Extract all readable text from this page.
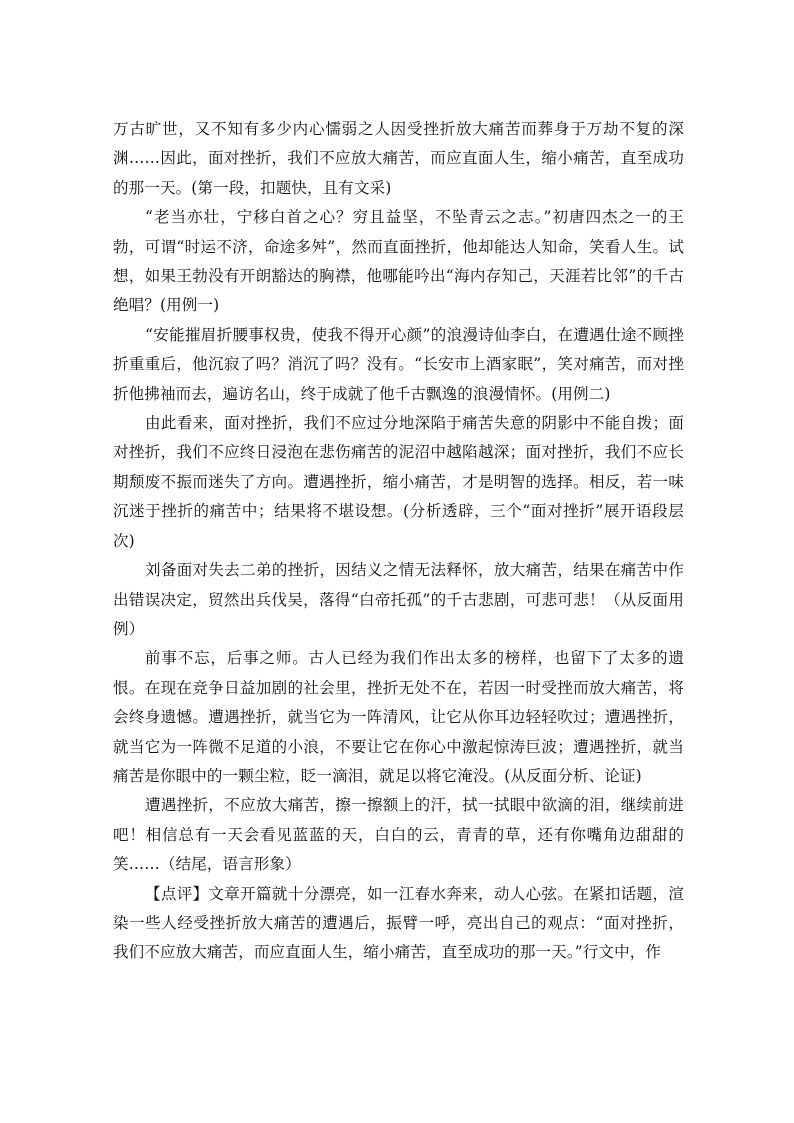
万古旷世，又不知有多少内心懦弱之人因受挫折放大痛苦而葬身于万劫不复的深渊……因此，面对挫折，我们不应放大痛苦，而应直面人生，缩小痛苦，直至成功的那一天。(第一段，扣题快，且有文采)

“老当亦壮，宁移白首之心？穷且益坚，不坠青云之志。”初唐四杰之一的王勃，可谓“时运不济，命途多舛”，然而直面挫折，他却能达人知命，笑看人生。试想，如果王勃没有开朗豁达的胸襟，他哪能吟出“海内存知己，天涯若比邻”的千古绝唱？(用例一)

“安能摧眉折腰事权贵，使我不得开心颜”的浪漫诗仙李白，在遭遇仕途不顾挫折重重后，他沉寂了吗？消沉了吗？没有。“长安市上酒家眠”，笑对痛苦，而对挫折他拂袖而去，遍访名山，终于成就了他千古飘逸的浪漫情怀。(用例二)

由此看来，面对挫折，我们不应过分地深陷于痛苦失意的阴影中不能自拨；面对挫折，我们不应终日浸泡在悲伤痛苦的泥沼中越陷越深；面对挫折，我们不应长期颓废不振而迷失了方向。遭遇挫折，缩小痛苦，才是明智的选择。相反，若一味沉迷于挫折的痛苦中；结果将不堪设想。(分析透辟，三个“面对挫折”展开语段层次)

刘备面对失去二弟的挫折，因结义之情无法释怀，放大痛苦，结果在痛苦中作出错误决定，贸然出兵伐吴，落得“白帝托孤”的千古悲剧，可悲可悲！（从反面用例）

前事不忘，后事之师。古人已经为我们作出太多的榜样，也留下了太多的遗恨。在现在竞争日益加剧的社会里，挫折无处不在，若因一时受挫而放大痛苦，将会终身遗憾。遭遇挫折，就当它为一阵清风，让它从你耳边轻轻吹过；遭遇挫折，就当它为一阵微不足道的小浪，不要让它在你心中激起惊涛巨波；遭遇挫折，就当痛苦是你眼中的一颗尘粒，眨一滴泪，就足以将它淹没。(从反面分析、论证)

遭遇挫折，不应放大痛苦，擦一擦额上的汗，拭一拭眼中欲滴的泪，继续前进吧！相信总有一天会看见蓝蓝的天，白白的云，青青的草，还有你嘴角边甜甜的笑……（结尾，语言形象）

【点评】文章开篇就十分漂亮，如一江春水奔来，动人心弦。在紧扣话题，渲染一些人经受挫折放大痛苦的遭遇后，振臂一呼，亮出自己的观点：“面对挫折，我们不应放大痛苦，而应直面人生，缩小痛苦，直至成功的那一天。”行文中，作
